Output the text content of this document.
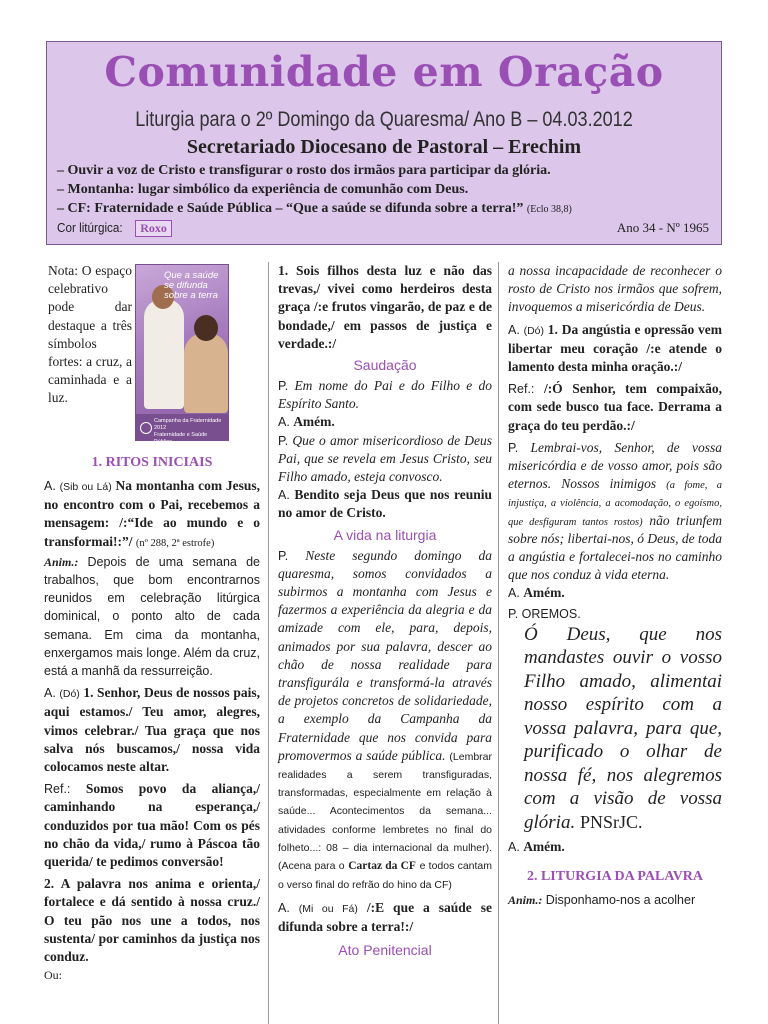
Comunidade em Oração
Liturgia para o 2º Domingo da Quaresma/ Ano B – 04.03.2012
Secretariado Diocesano de Pastoral – Erechim
– Ouvir a voz de Cristo e transfigurar o rosto dos irmãos para participar da glória.
– Montanha: lugar simbólico da experiência de comunhão com Deus.
– CF: Fraternidade e Saúde Pública – “Que a saúde se difunda sobre a terra!” (Eclo 38,8)
Cor litúrgica: Roxo	Ano 34 - Nº 1965
Nota: O espaço celebrativo pode dar destaque a três símbolos fortes: a cruz, a caminhada e a luz.
Que a saúde se difunda sobre a terra
Campanha da Fraternidade 2012
Fraternidade e Saúde Pública
1. RITOS INICIAIS
A. (Sib ou Lá) Na montanha com Jesus, no encontro com o Pai, recebemos a mensagem: /:“Ide ao mundo e o transformai!:”/ (nº 288, 2ª estrofe)
Anim.: Depois de uma semana de trabalhos, que bom encontrarnos reunidos em celebração litúrgica dominical, o ponto alto de cada semana. Em cima da montanha, enxergamos mais longe. Além da cruz, está a manhã da ressurreição.
A. (Dó) 1. Senhor, Deus de nossos pais, aqui estamos./ Teu amor, alegres, vimos celebrar./ Tua graça que nos salva nós buscamos,/ nossa vida colocamos neste altar.
Ref.: Somos povo da aliança,/ caminhando na esperança,/ conduzidos por tua mão! Com os pés no chão da vida,/ rumo à Páscoa tão querida/ te pedimos conversão!
2. A palavra nos anima e orienta,/ fortalece e dá sentido à nossa cruz./ O teu pão nos une a todos, nos sustenta/ por caminhos da justiça nos conduz.
Ou:
1. Sois filhos desta luz e não das trevas,/ vivei como herdeiros desta graça /:e frutos vingarão, de paz e de bondade,/ em passos de justiça e verdade.:/
Saudação
P. Em nome do Pai e do Filho e do Espírito Santo.
A. Amém.
P. Que o amor misericordioso de Deus Pai, que se revela em Jesus Cristo, seu Filho amado, esteja convosco.
A. Bendito seja Deus que nos reuniu no amor de Cristo.
A vida na liturgia
P. Neste segundo domingo da quaresma, somos convidados a subirmos a montanha com Jesus e fazermos a experiência da alegria e da amizade com ele, para, depois, animados por sua palavra, descer ao chão de nossa realidade para transfigurála e transformá-la através de projetos concretos de solidariedade, a exemplo da Campanha da Fraternidade que nos convida para promovermos a saúde pública. (Lembrar realidades a serem transfiguradas, transformadas, especialmente em relação à saúde... Acontecimentos da semana... atividades conforme lembretes no final do folheto...: 08 – dia internacional da mulher). (Acena para o Cartaz da CF e todos cantam o verso final do refrão do hino da CF)
A. (Mi ou Fá) /:E que a saúde se difunda sobre a terra!:/
Ato Penitencial
a nossa incapacidade de reconhecer o rosto de Cristo nos irmãos que sofrem, invoquemos a misericórdia de Deus.
A. (Dó) 1. Da angústia e opressão vem libertar meu coração /:e atende o lamento desta minha oração.:/
Ref.: /:Ó Senhor, tem compaixão, com sede busco tua face. Derrama a graça do teu perdão.:/
P. Lembrai-vos, Senhor, de vossa misericórdia e de vosso amor, pois são eternos. Nossos inimigos (a fome, a injustiça, a violência, a acomodação, o egoísmo, que desfiguram tantos rostos) não triunfem sobre nós; libertai-nos, ó Deus, de toda a angústia e fortalecei-nos no caminho que nos conduz à vida eterna.
A. Amém.
P. OREMOS.
Ó Deus, que nos mandastes ouvir o vosso Filho amado, alimentai nosso espírito com a vossa palavra, para que, purificado o olhar de nossa fé, nos alegremos com a visão de vossa glória. PNSrJC.
A. Amém.
2. LITURGIA DA PALAVRA
Anim.: Disponhamo-nos a acolher
